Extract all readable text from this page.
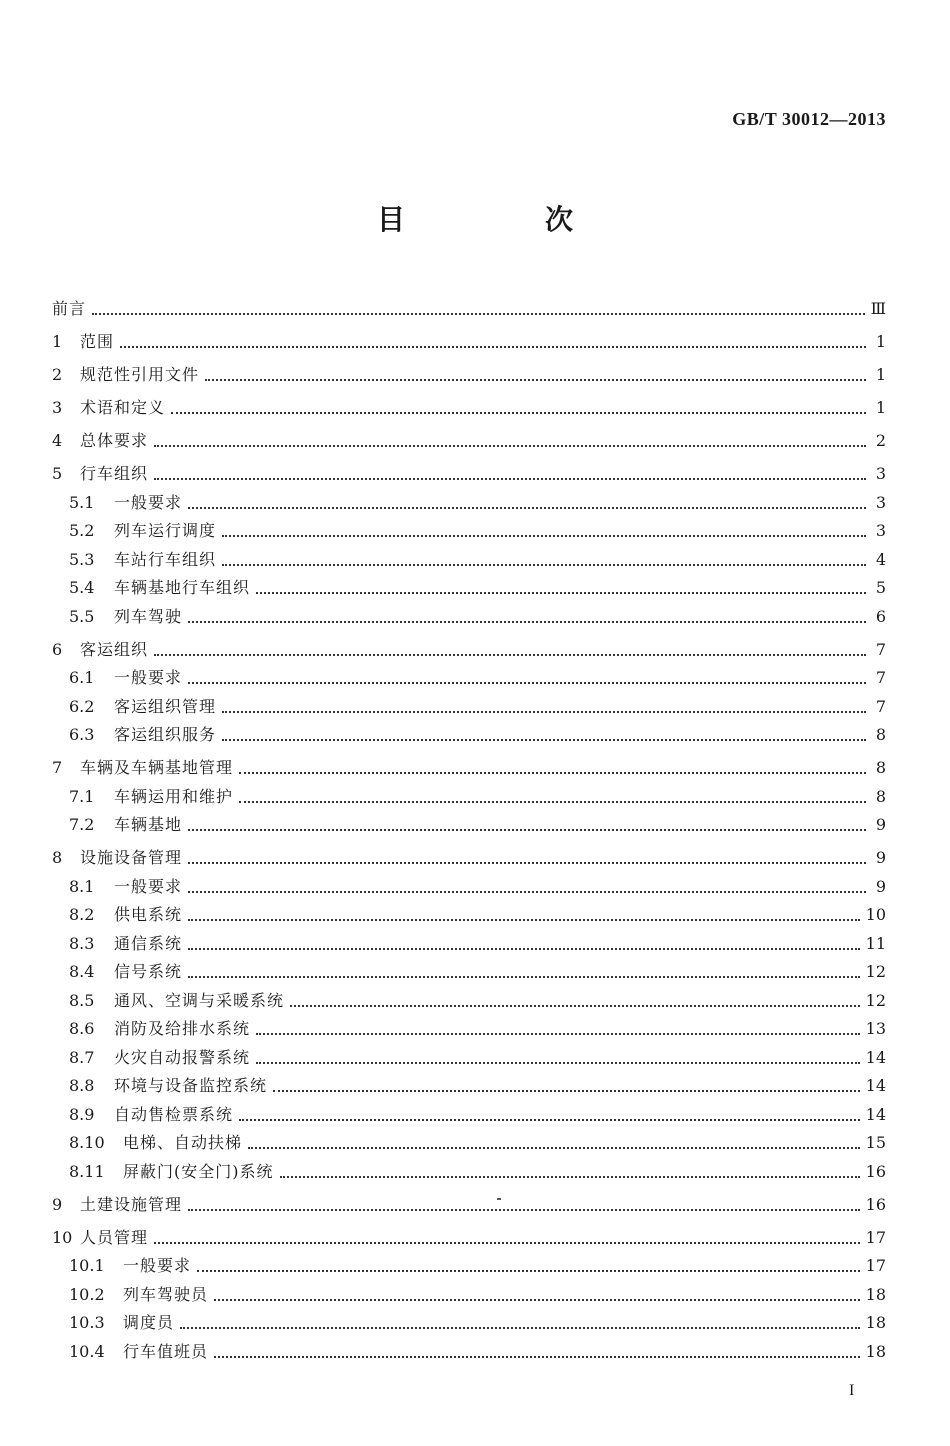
GB/T 30012—2013
目　次
前言	Ⅲ
1	范围	1
2	规范性引用文件	1
3	术语和定义	1
4	总体要求	2
5	行车组织	3
5.1	一般要求	3
5.2	列车运行调度	3
5.3	车站行车组织	4
5.4	车辆基地行车组织	5
5.5	列车驾驶	6
6	客运组织	7
6.1	一般要求	7
6.2	客运组织管理	7
6.3	客运组织服务	8
7	车辆及车辆基地管理	8
7.1	车辆运用和维护	8
7.2	车辆基地	9
8	设施设备管理	9
8.1	一般要求	9
8.2	供电系统	10
8.3	通信系统	11
8.4	信号系统	12
8.5	通风、空调与采暖系统	12
8.6	消防及给排水系统	13
8.7	火灾自动报警系统	14
8.8	环境与设备监控系统	14
8.9	自动售检票系统	14
8.10	电梯、自动扶梯	15
8.11	屏蔽门(安全门)系统	16
9	土建设施管理	16
10 人员管理	17
10.1	一般要求	17
10.2	列车驾驶员	18
10.3	调度员	18
10.4	行车值班员	18
I
